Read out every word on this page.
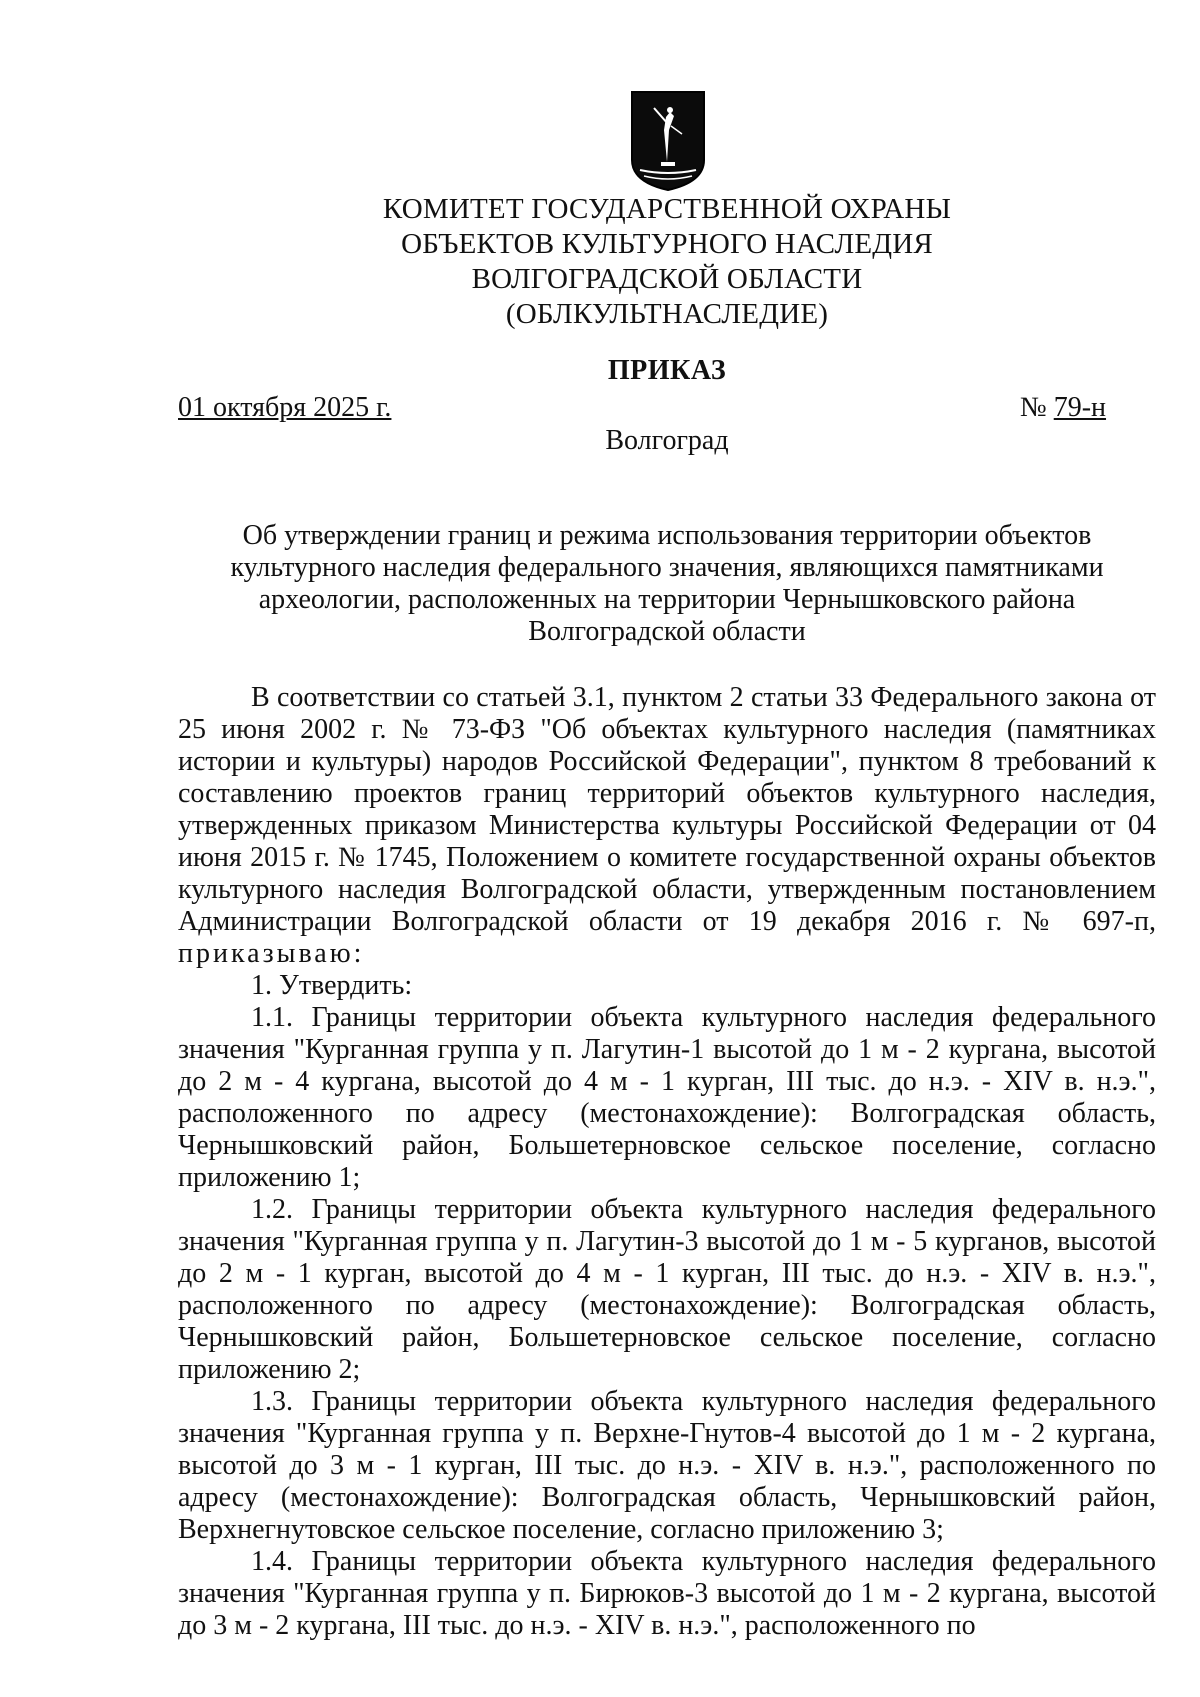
КОМИТЕТ ГОСУДАРСТВЕННОЙ ОХРАНЫ
ОБЪЕКТОВ КУЛЬТУРНОГО НАСЛЕДИЯ
ВОЛГОГРАДСКОЙ ОБЛАСТИ
(ОБЛКУЛЬТНАСЛЕДИЕ)
ПРИКАЗ
01 октября 2025 г.	№ 79-н
Волгоград
Об утверждении границ и режима использования территории объектов
культурного наследия федерального значения, являющихся памятниками
археологии, расположенных на территории Чернышковского района
Волгоградской области

В соответствии со статьей 3.1, пунктом 2 статьи 33 Федерального закона от 25 июня 2002 г. № 73-ФЗ "Об объектах культурного наследия (памятниках истории и культуры) народов Российской Федерации", пунктом 8 требований к составлению проектов границ территорий объектов культурного наследия, утвержденных приказом Министерства культуры Российской Федерации от 04 июня 2015 г. № 1745, Положением о комитете государственной охраны объектов культурного наследия Волгоградской области, утвержденным постановлением Администрации Волгоградской области от 19 декабря 2016 г. № 697-п, приказываю:

1. Утвердить:

1.1. Границы территории объекта культурного наследия федерального значения "Курганная группа у п. Лагутин-1 высотой до 1 м - 2 кургана, высотой до 2 м - 4 кургана, высотой до 4 м - 1 курган, III тыс. до н.э. - XIV в. н.э.", расположенного по адресу (местонахождение): Волгоградская область, Чернышковский район, Большетерновское сельское поселение, согласно приложению 1;

1.2. Границы территории объекта культурного наследия федерального значения "Курганная группа у п. Лагутин-3 высотой до 1 м - 5 курганов, высотой до 2 м - 1 курган, высотой до 4 м - 1 курган, III тыс. до н.э. - XIV в. н.э.", расположенного по адресу (местонахождение): Волгоградская область, Чернышковский район, Большетерновское сельское поселение, согласно приложению 2;

1.3. Границы территории объекта культурного наследия федерального значения "Курганная группа у п. Верхне-Гнутов-4 высотой до 1 м - 2 кургана, высотой до 3 м - 1 курган, III тыс. до н.э. - XIV в. н.э.", расположенного по адресу (местонахождение): Волгоградская область, Чернышковский район, Верхнегнутовское сельское поселение, согласно приложению 3;

1.4. Границы территории объекта культурного наследия федерального значения "Курганная группа у п. Бирюков-3 высотой до 1 м - 2 кургана, высотой до 3 м - 2 кургана, III тыс. до н.э. - XIV в. н.э.", расположенного по
